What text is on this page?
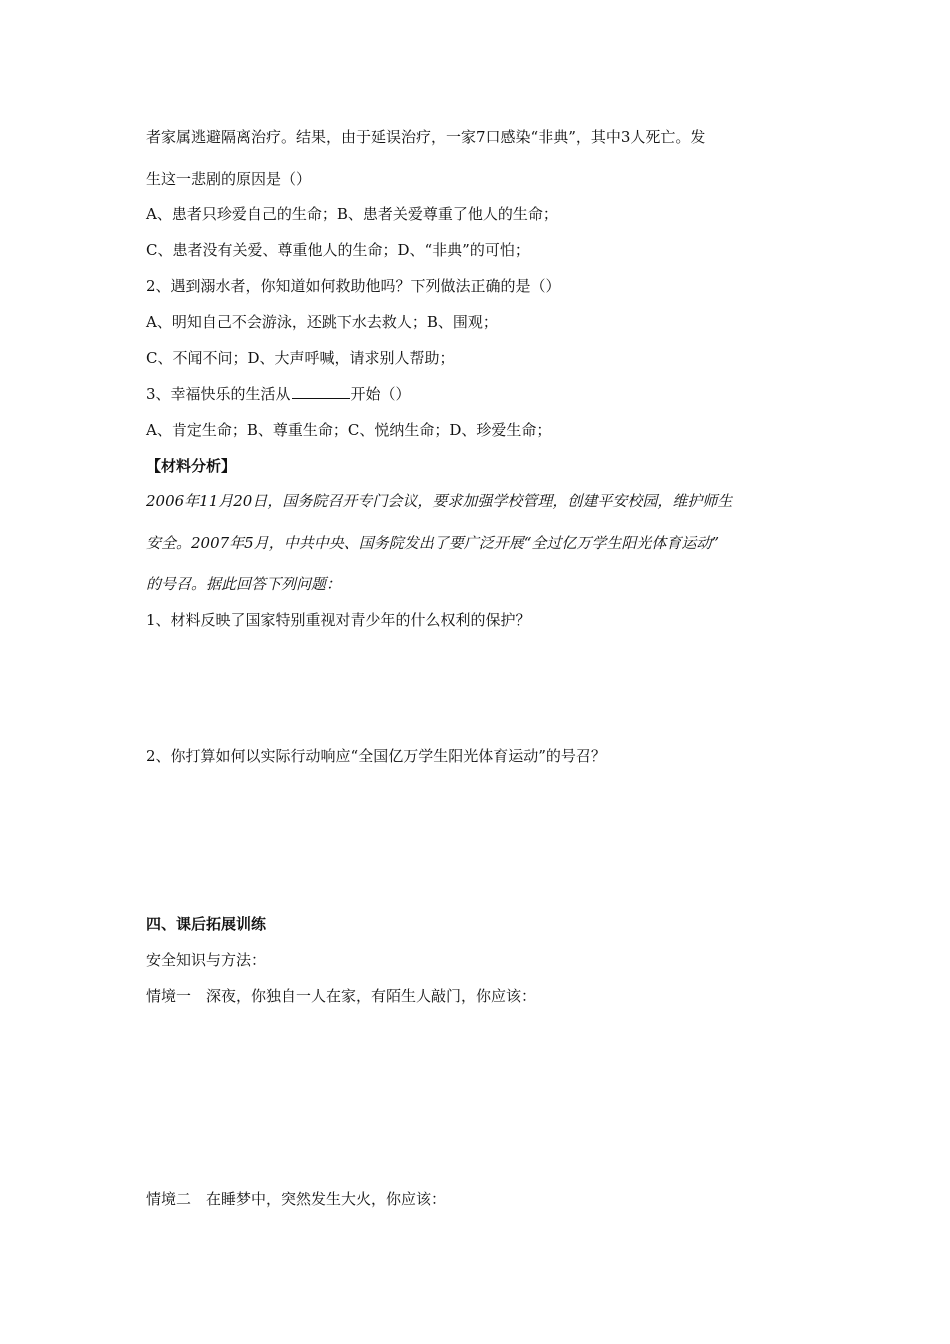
者家属逃避隔离治疗。结果，由于延误治疗，一家7口感染“非典”，其中3人死亡。发
生这一悲剧的原因是（）
A、患者只珍爱自己的生命；B、患者关爱尊重了他人的生命；
C、患者没有关爱、尊重他人的生命；D、“非典”的可怕；
2、遇到溺水者，你知道如何救助他吗？下列做法正确的是（）
A、明知自己不会游泳，还跳下水去救人；B、围观；
C、不闻不问；D、大声呼喊，请求别人帮助；
3、幸福快乐的生活从	开始（）
A、肯定生命；B、尊重生命；C、悦纳生命；D、珍爱生命；
【材料分析】
2006年11月20日，国务院召开专门会议，要求加强学校管理，创建平安校园，维护师生
安全。2007年5月，中共中央、国务院发出了要广泛开展“全过亿万学生阳光体育运动”
的号召。据此回答下列问题：
1、材料反映了国家特别重视对青少年的什么权利的保护？
2、你打算如何以实际行动响应“全国亿万学生阳光体育运动”的号召？
四、课后拓展训练
安全知识与方法：
情境一　深夜，你独自一人在家，有陌生人敲门，你应该：
情境二　在睡梦中，突然发生大火，你应该：
